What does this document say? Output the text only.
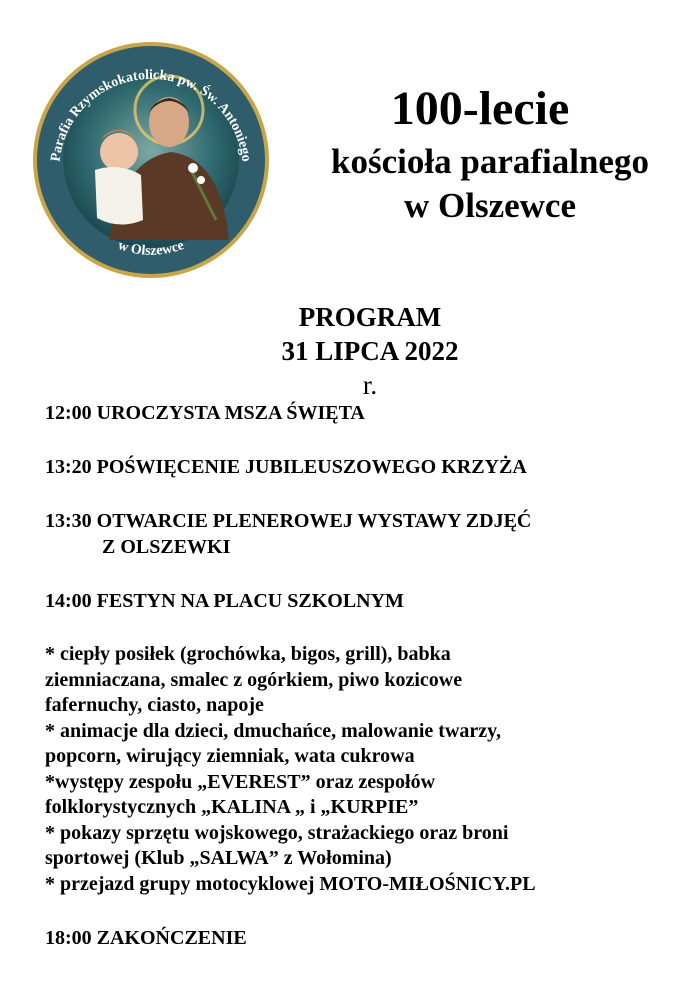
Parafia Rzymskokatolicka pw. Św. Antoniego
w Olszewce
100-lecie
kościoła parafialnego
w Olszewce
PROGRAM
31 LIPCA 2022
r.
12:00 UROCZYSTA MSZA ŚWIĘTA
13:20 POŚWIĘCENIE JUBILEUSZOWEGO KRZYŻA
13:30 OTWARCIE PLENEROWEJ WYSTAWY ZDJĘĆ
Z OLSZEWKI
14:00 FESTYN NA PLACU SZKOLNYM
* ciepły posiłek (grochówka, bigos, grill), babka
ziemniaczana, smalec z ogórkiem, piwo kozicowe
fafernuchy, ciasto, napoje
* animacje dla dzieci, dmuchańce, malowanie twarzy,
popcorn, wirujący ziemniak, wata cukrowa
*występy zespołu „EVEREST” oraz zespołów
folklorystycznych „KALINA „ i „KURPIE”
* pokazy sprzętu wojskowego, strażackiego oraz broni
sportowej (Klub „SALWA” z Wołomina)
* przejazd grupy motocyklowej MOTO-MIŁOŚNICY.PL
18:00 ZAKOŃCZENIE
